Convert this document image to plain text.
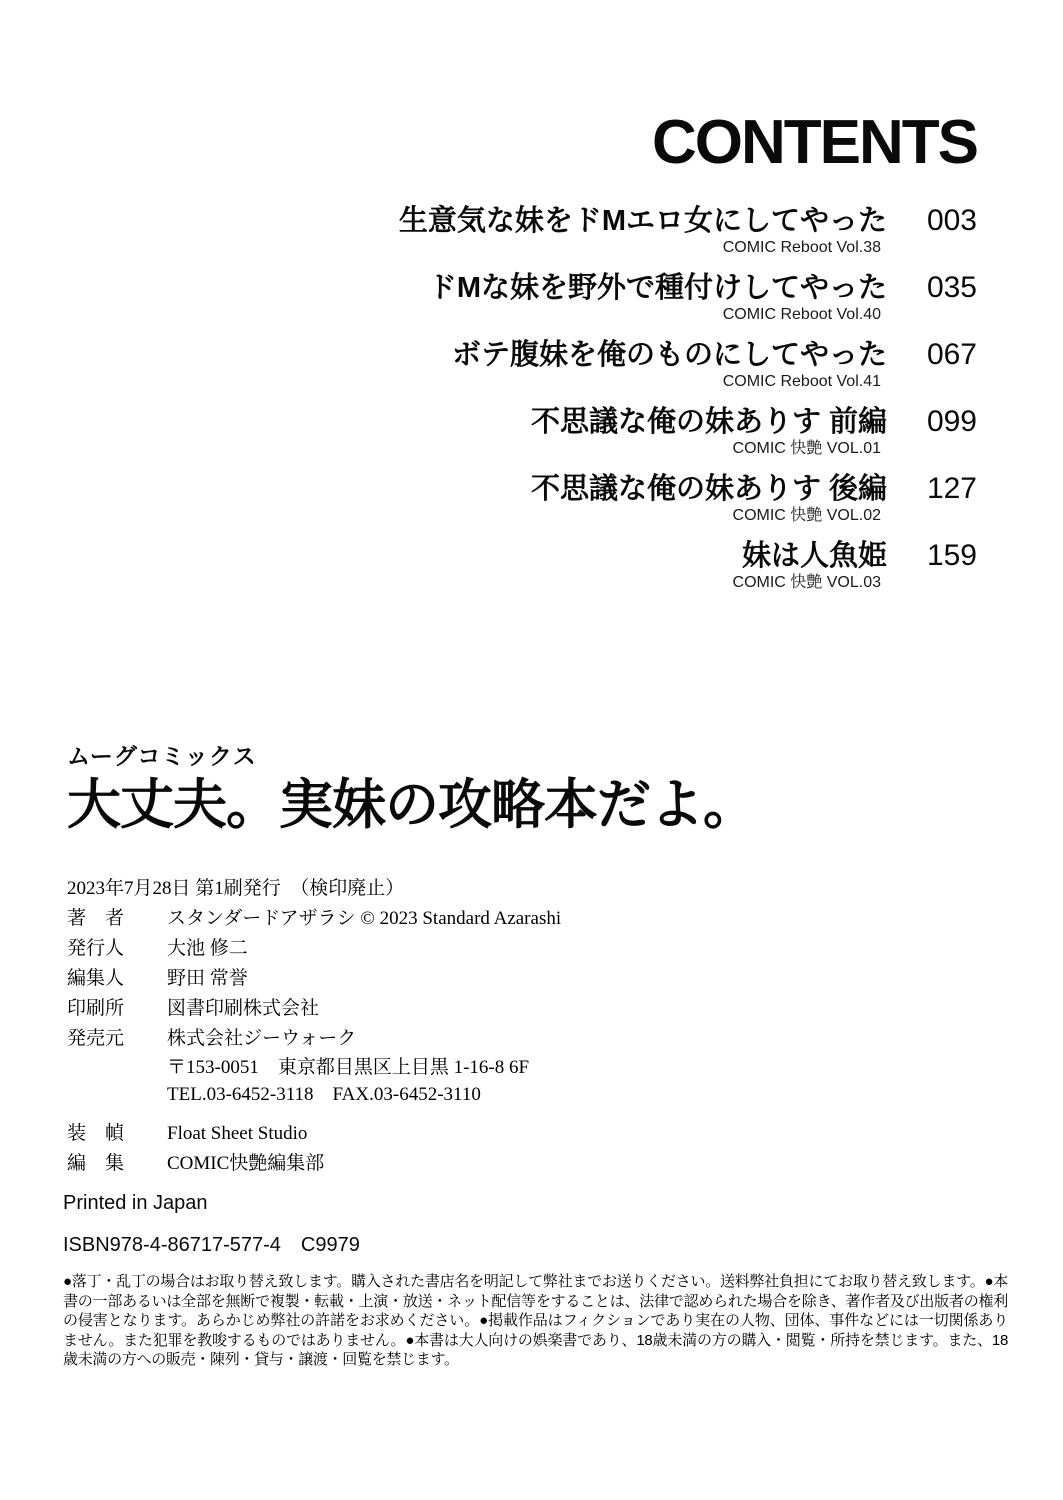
CONTENTS
生意気な妹をドMエロ女にしてやった	003
COMIC Reboot Vol.38
ドMな妹を野外で種付けしてやった	035
COMIC Reboot Vol.40
ボテ腹妹を俺のものにしてやった	067
COMIC Reboot Vol.41
不思議な俺の妹ありす 前編	099
COMIC 快艶 VOL.01
不思議な俺の妹ありす 後編	127
COMIC 快艶 VOL.02
妹は人魚姫	159
COMIC 快艶 VOL.03
ムーグコミックス
大丈夫。実妹の攻略本だよ。
2023年7月28日 第1刷発行　（検印廃止）
著　者 スタンダードアザラシ © 2023 Standard Azarashi
発行人 大池 修二
編集人 野田 常誉
印刷所 図書印刷株式会社
発売元 株式会社ジーウォーク
〒153-0051　東京都目黒区上目黒 1-16-8 6F
TEL.03-6452-3118　FAX.03-6452-3110
装　幀 Float Sheet Studio
編　集 COMIC快艶編集部
Printed in Japan
ISBN978-4-86717-577-4　C9979

●落丁・乱丁の場合はお取り替え致します。購入された書店名を明記して弊社までお送りください。送料弊社負担にてお取り替え致します。●本書の一部あるいは全部を無断で複製・転載・上演・放送・ネット配信等をすることは、法律で認められた場合を除き、著作者及び出版者の権利の侵害となります。あらかじめ弊社の許諾をお求めください。●掲載作品はフィクションであり実在の人物、団体、事件などには一切関係ありません。また犯罪を教唆するものではありません。●本書は大人向けの娯楽書であり、18歳未満の方の購入・閲覧・所持を禁じます。また、18歳未満の方への販売・陳列・貸与・譲渡・回覧を禁じます。
